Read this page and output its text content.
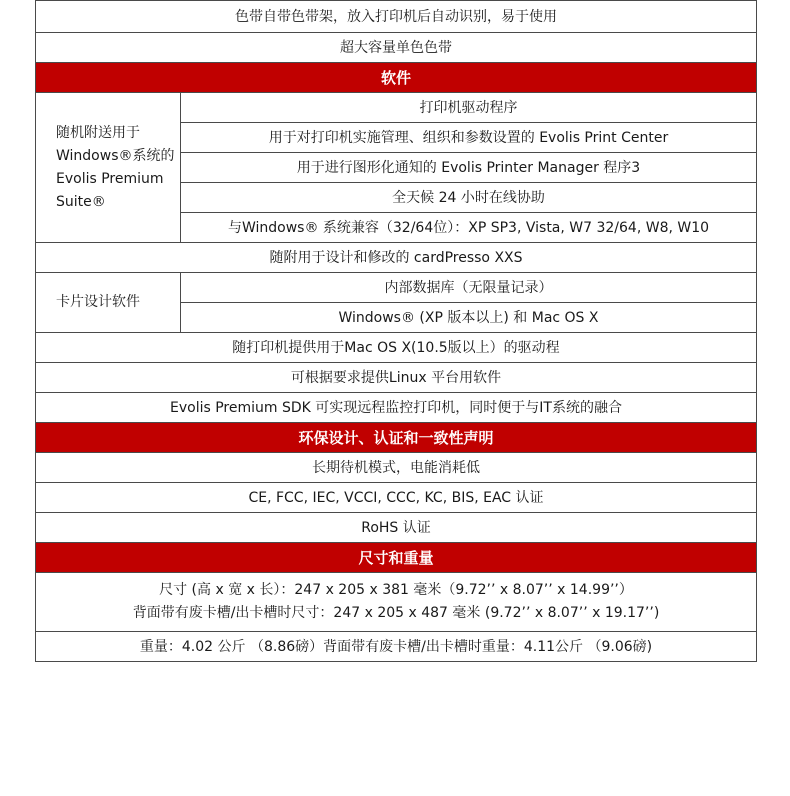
色带自带色带架，放入打印机后自动识别，易于使用	
超大容量单色色带	
软件	
随机附送用于Windows®系统的Evolis Premium Suite®	打印机驱动程序
	用于对打印机实施管理、组织和参数设置的 Evolis Print Center
	用于进行图形化通知的 Evolis Printer Manager 程序3
	全天候 24 小时在线协助
	与Windows® 系统兼容（32/64位）：XP SP3, Vista, W7 32/64, W8, W10
随附用于设计和修改的 cardPresso XXS	
卡片设计软件	内部数据库（无限量记录）
	Windows® (XP 版本以上) 和 Mac OS X
随打印机提供用于Mac OS X(10.5版以上）的驱动程	
可根据要求提供Linux 平台用软件	
Evolis Premium SDK 可实现远程监控打印机，同时便于与IT系统的融合	
环保设计、认证和一致性声明	
长期待机模式，电能消耗低	
CE, FCC, IEC, VCCI, CCC, KC, BIS, EAC 认证	
RoHS 认证	
尺寸和重量	

尺寸 (高 x 宽 x 长）：247 x 205 x 381 毫米（9.72’’ x 8.07’’ x 14.99’’）
背面带有废卡槽/出卡槽时尺寸：247 x 205 x 487 毫米 (9.72’’ x 8.07’’ x 19.17’’)	

重量：4.02 公斤 （8.86磅）背面带有废卡槽/出卡槽时重量：4.11公斤 （9.06磅)	
